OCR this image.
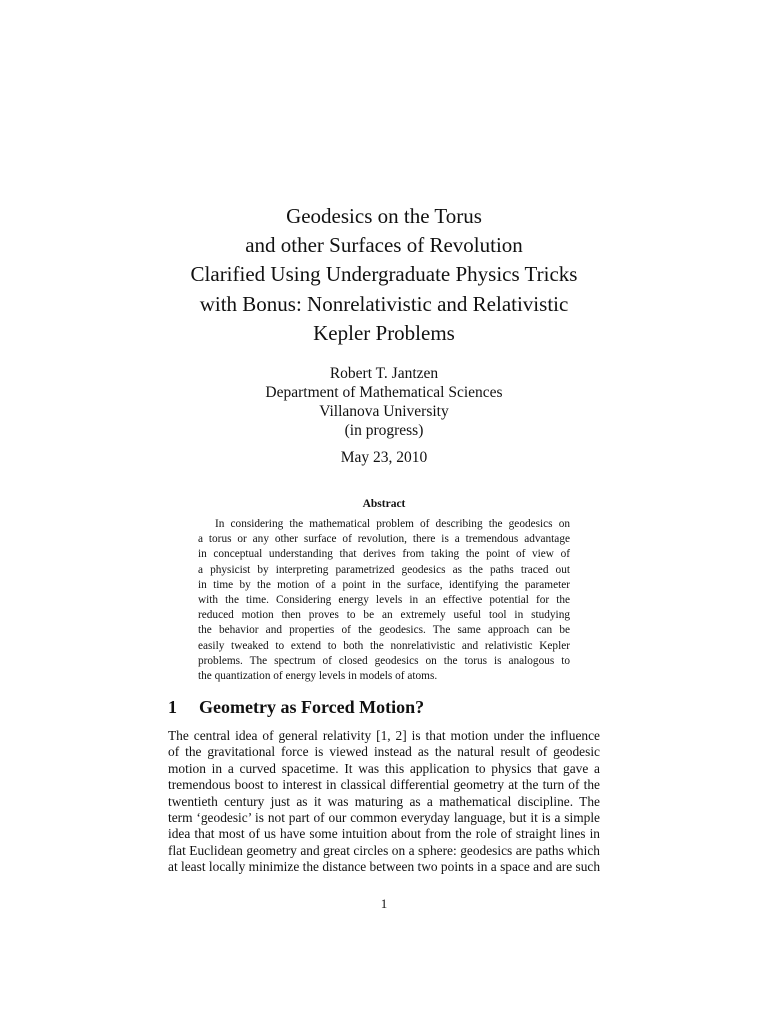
Geodesics on the Torus

and other Surfaces of Revolution

Clarified Using Undergraduate Physics Tricks

with Bonus: Nonrelativistic and Relativistic

Kepler Problems

Robert T. Jantzen

Department of Mathematical Sciences

Villanova University

(in progress)

May 23, 2010
Abstract
In considering the mathematical problem of describing the geodesics on
a torus or any other surface of revolution, there is a tremendous advantage
in conceptual understanding that derives from taking the point of view of
a physicist by interpreting parametrized geodesics as the paths traced out
in time by the motion of a point in the surface, identifying the parameter
with the time. Considering energy levels in an effective potential for the
reduced motion then proves to be an extremely useful tool in studying
the behavior and properties of the geodesics. The same approach can be
easily tweaked to extend to both the nonrelativistic and relativistic Kepler
problems. The spectrum of closed geodesics on the torus is analogous to
the quantization of energy levels in models of atoms.
1 Geometry as Forced Motion?
The central idea of general relativity [1, 2] is that motion under the influence
of the gravitational force is viewed instead as the natural result of geodesic
motion in a curved spacetime. It was this application to physics that gave a
tremendous boost to interest in classical differential geometry at the turn of the
twentieth century just as it was maturing as a mathematical discipline. The
term ‘geodesic’ is not part of our common everyday language, but it is a simple
idea that most of us have some intuition about from the role of straight lines in
flat Euclidean geometry and great circles on a sphere: geodesics are paths which
at least locally minimize the distance between two points in a space and are such
1
